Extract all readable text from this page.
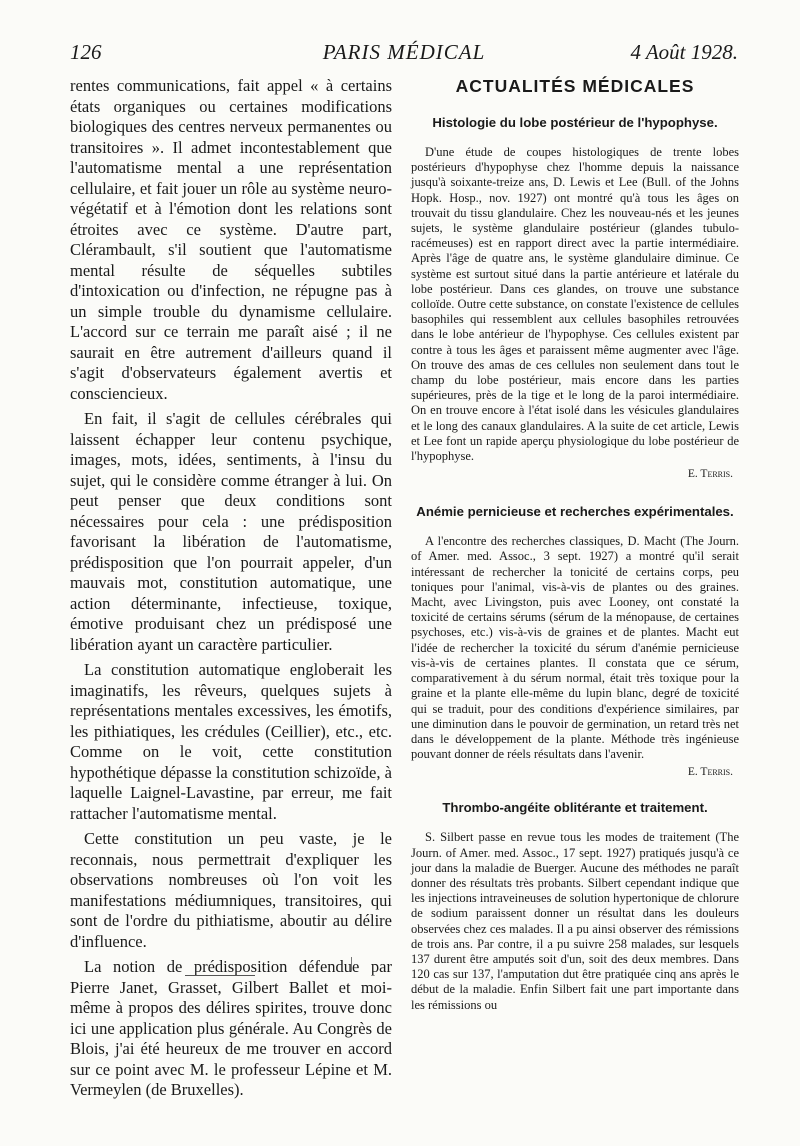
126	PARIS MÉDICAL	4 Août 1928.

rentes communications, fait appel « à certains états organiques ou certaines modifications biologiques des centres nerveux permanentes ou transitoires ». Il admet incontestablement que l'automatisme mental a une représentation cellulaire, et fait jouer un rôle au système neuro-végétatif et à l'émotion dont les relations sont étroites avec ce système. D'autre part, Clérambault, s'il soutient que l'automatisme mental résulte de séquelles subtiles d'intoxication ou d'infection, ne répugne pas à un simple trouble du dynamisme cellulaire. L'accord sur ce terrain me paraît aisé ; il ne saurait en être autrement d'ailleurs quand il s'agit d'observateurs également avertis et consciencieux.

En fait, il s'agit de cellules cérébrales qui laissent échapper leur contenu psychique, images, mots, idées, sentiments, à l'insu du sujet, qui le considère comme étranger à lui. On peut penser que deux conditions sont nécessaires pour cela : une prédisposition favorisant la libération de l'automatisme, prédisposition que l'on pourrait appeler, d'un mauvais mot, constitution automatique, une action déterminante, infectieuse, toxique, émotive produisant chez un prédisposé une libération ayant un caractère particulier.

La constitution automatique engloberait les imaginatifs, les rêveurs, quelques sujets à représentations mentales excessives, les émotifs, les pithiatiques, les crédules (Ceillier), etc., etc. Comme on le voit, cette constitution hypothétique dépasse la constitution schizoïde, à laquelle Laignel-Lavastine, par erreur, me fait rattacher l'automatisme mental.

Cette constitution un peu vaste, je le reconnais, nous permettrait d'expliquer les observations nombreuses où l'on voit les manifestations médiumniques, transitoires, qui sont de l'ordre du pithiatisme, aboutir au délire d'influence.

La notion de prédisposition défendue par Pierre Janet, Grasset, Gilbert Ballet et moi-même à propos des délires spirites, trouve donc ici une application plus générale. Au Congrès de Blois, j'ai été heureux de me trouver en accord sur ce point avec M. le professeur Lépine et M. Vermeylen (de Bruxelles).

ACTUALITÉS MÉDICALES
Histologie du lobe postérieur de l'hypophyse.

D'une étude de coupes histologiques de trente lobes postérieurs d'hypophyse chez l'homme depuis la naissance jusqu'à soixante-treize ans, D. Lewis et Lee (Bull. of the Johns Hopk. Hosp., nov. 1927) ont montré qu'à tous les âges on trouvait du tissu glandulaire. Chez les nouveau-nés et les jeunes sujets, le système glandulaire postérieur (glandes tubulo-racémeuses) est en rapport direct avec la partie intermédiaire. Après l'âge de quatre ans, le système glandulaire diminue. Ce système est surtout situé dans la partie antérieure et latérale du lobe postérieur. Dans ces glandes, on trouve une substance colloïde. Outre cette substance, on constate l'existence de cellules basophiles qui ressemblent aux cellules basophiles retrouvées dans le lobe antérieur de l'hypophyse. Ces cellules existent par contre à tous les âges et paraissent même augmenter avec l'âge. On trouve des amas de ces cellules non seulement dans tout le champ du lobe postérieur, mais encore dans les parties supérieures, près de la tige et le long de la paroi intermédiaire. On en trouve encore à l'état isolé dans les vésicules glandulaires et le long des canaux glandulaires. A la suite de cet article, Lewis et Lee font un rapide aperçu physiologique du lobe postérieur de l'hypophyse.

E. Terris.
Anémie pernicieuse et recherches expérimentales.

A l'encontre des recherches classiques, D. Macht (The Journ. of Amer. med. Assoc., 3 sept. 1927) a montré qu'il serait intéressant de rechercher la tonicité de certains corps, peu toniques pour l'animal, vis-à-vis de plantes ou des graines. Macht, avec Livingston, puis avec Looney, ont constaté la toxicité de certains sérums (sérum de la ménopause, de certaines psychoses, etc.) vis-à-vis de graines et de plantes. Macht eut l'idée de rechercher la toxicité du sérum d'anémie pernicieuse vis-à-vis de certaines plantes. Il constata que ce sérum, comparativement à du sérum normal, était très toxique pour la graine et la plante elle-même du lupin blanc, degré de toxicité qui se traduit, pour des conditions d'expérience similaires, par une diminution dans le pouvoir de germination, un retard très net dans le développement de la plante. Méthode très ingénieuse pouvant donner de réels résultats dans l'avenir.

E. Terris.
Thrombo-angéite oblitérante et traitement.

S. Silbert passe en revue tous les modes de traitement (The Journ. of Amer. med. Assoc., 17 sept. 1927) pratiqués jusqu'à ce jour dans la maladie de Buerger. Aucune des méthodes ne paraît donner des résultats très probants. Silbert cependant indique que les injections intraveineuses de solution hypertonique de chlorure de sodium paraissent donner un résultat dans les douleurs observées chez ces malades. Il a pu ainsi observer des rémissions de trois ans. Par contre, il a pu suivre 258 malades, sur lesquels 137 durent être amputés soit d'un, soit des deux membres. Dans 120 cas sur 137, l'amputation dut être pratiquée cinq ans après le début de la maladie. Enfin Silbert fait une part importante dans les rémissions ou
